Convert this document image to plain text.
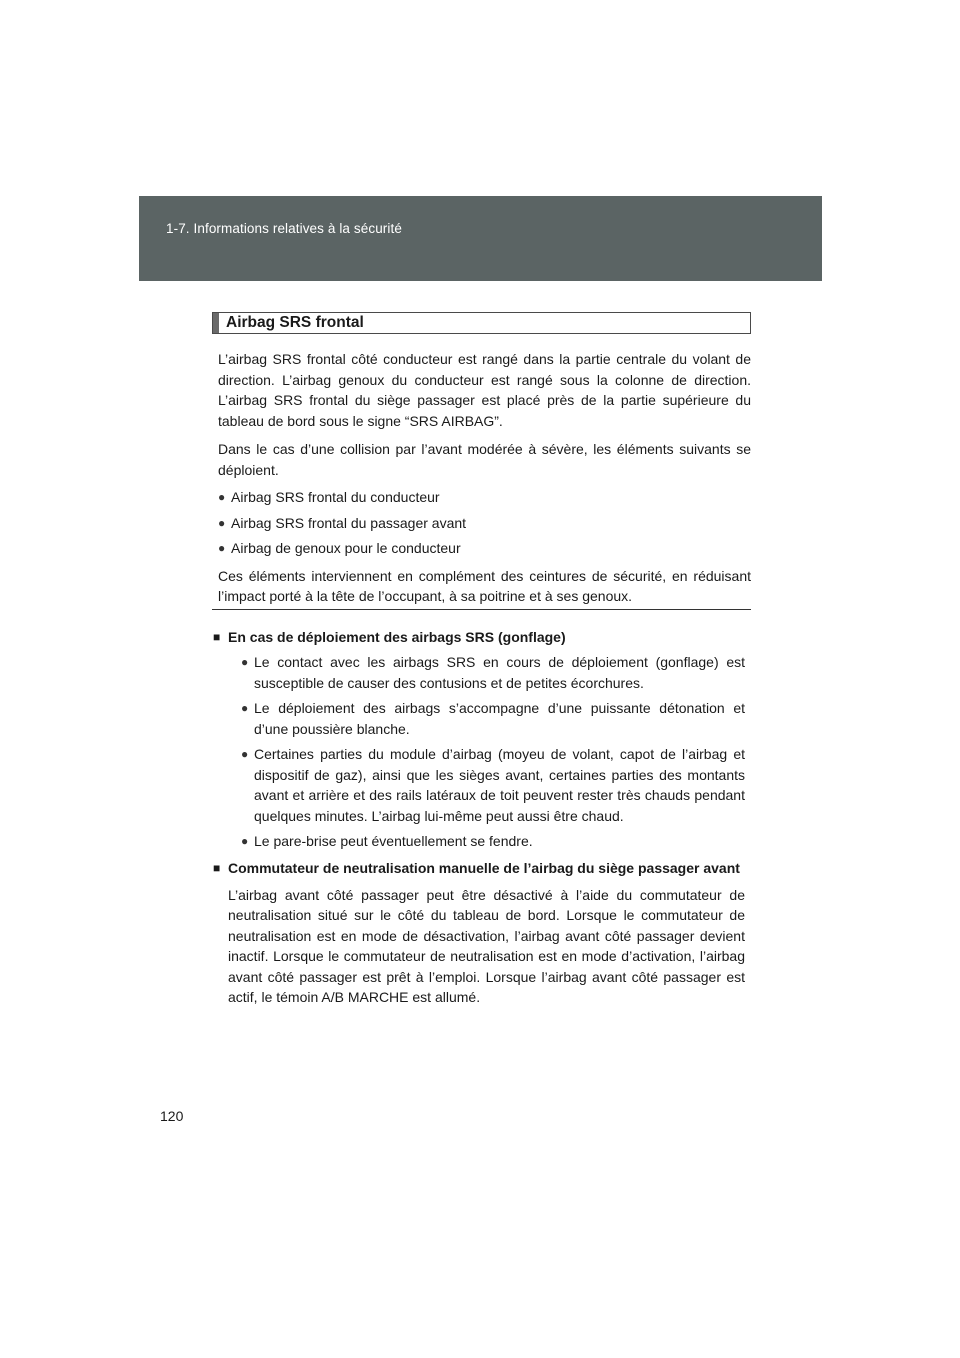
1-7. Informations relatives à la sécurité
Airbag SRS frontal

L’airbag SRS frontal côté conducteur est rangé dans la partie centrale du volant de direction. L’airbag genoux du conducteur est rangé sous la colonne de direction. L’airbag SRS frontal du siège passager est placé près de la partie supérieure du tableau de bord sous le signe “SRS AIRBAG”.

Dans le cas d’une collision par l’avant modérée à sévère, les éléments suivants se déploient.

● Airbag SRS frontal du conducteur
● Airbag SRS frontal du passager avant
● Airbag de genoux pour le conducteur

Ces éléments interviennent en complément des ceintures de sécurité, en réduisant l’impact porté à la tête de l’occupant, à sa poitrine et à ses genoux.

■ En cas de déploiement des airbags SRS (gonflage)
● Le contact avec les airbags SRS en cours de déploiement (gonflage) est susceptible de causer des contusions et de petites écorchures.
● Le déploiement des airbags s’accompagne d’une puissante détonation et d’une poussière blanche.
● Certaines parties du module d’airbag (moyeu de volant, capot de l’airbag et dispositif de gaz), ainsi que les sièges avant, certaines parties des montants avant et arrière et des rails latéraux de toit peuvent rester très chauds pendant quelques minutes. L’airbag lui-même peut aussi être chaud.
● Le pare-brise peut éventuellement se fendre.
■ Commutateur de neutralisation manuelle de l’airbag du siège passager avant

L’airbag avant côté passager peut être désactivé à l’aide du commutateur de neutralisation situé sur le côté du tableau de bord. Lorsque le commutateur de neutralisation est en mode de désactivation, l’airbag avant côté passager devient inactif. Lorsque le commutateur de neutralisation est en mode d’activation, l’airbag avant côté passager est prêt à l’emploi. Lorsque l’airbag avant côté passager est actif, le témoin A/B MARCHE est allumé.

120
